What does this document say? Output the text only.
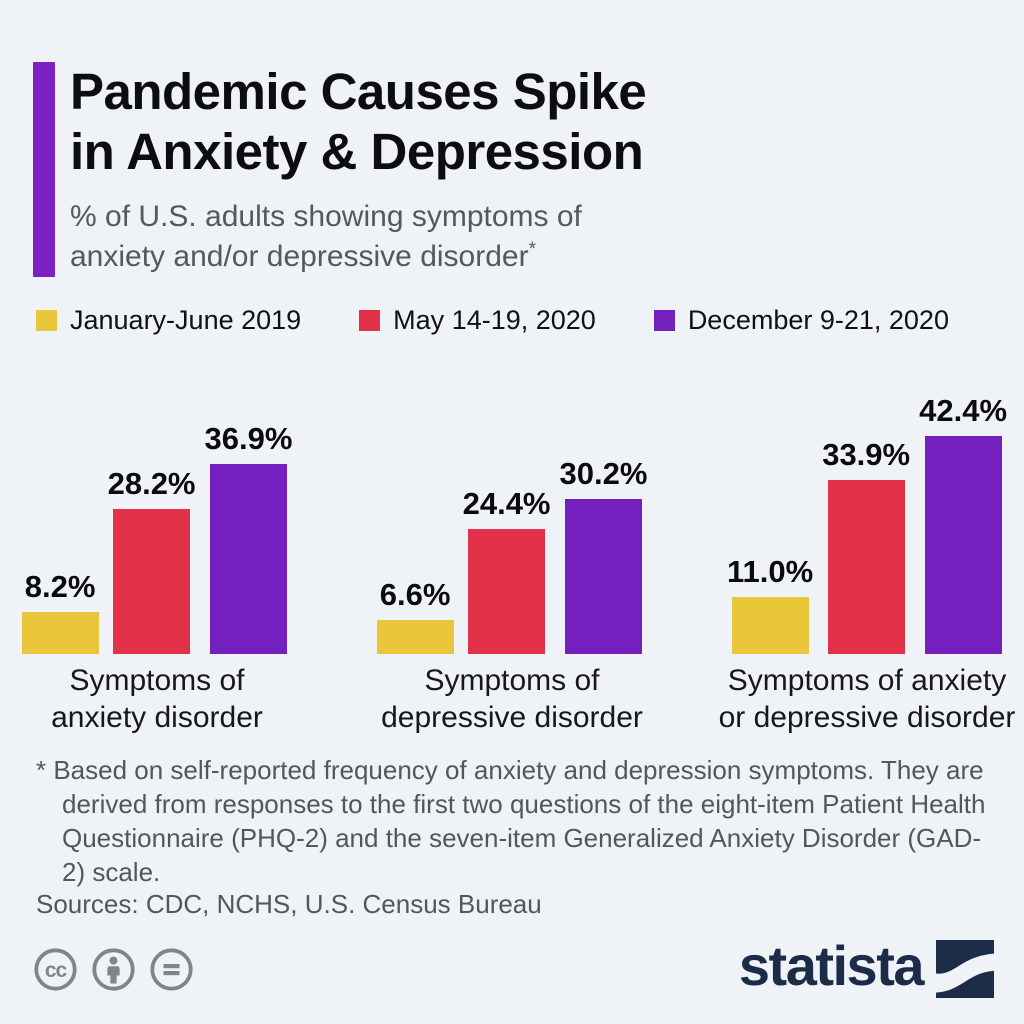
Pandemic Causes Spike
in Anxiety & Depression
% of U.S. adults showing symptoms of anxiety and/or depressive disorder*
January-June 2019	May 14-19, 2020	December 9-21, 2020
8.2%
28.2%
36.9%
Symptoms of
anxiety disorder
6.6%
24.4%
30.2%
Symptoms of
depressive disorder
11.0%
33.9%
42.4%
Symptoms of anxiety
or depressive disorder
* Based on self-reported frequency of anxiety and depression symptoms. They are derived from responses to the first two questions of the eight-item Patient Health Questionnaire (PHQ-2) and the seven-item Generalized Anxiety Disorder (GAD-2) scale.
Sources: CDC, NCHS, U.S. Census Bureau
cc	statista
